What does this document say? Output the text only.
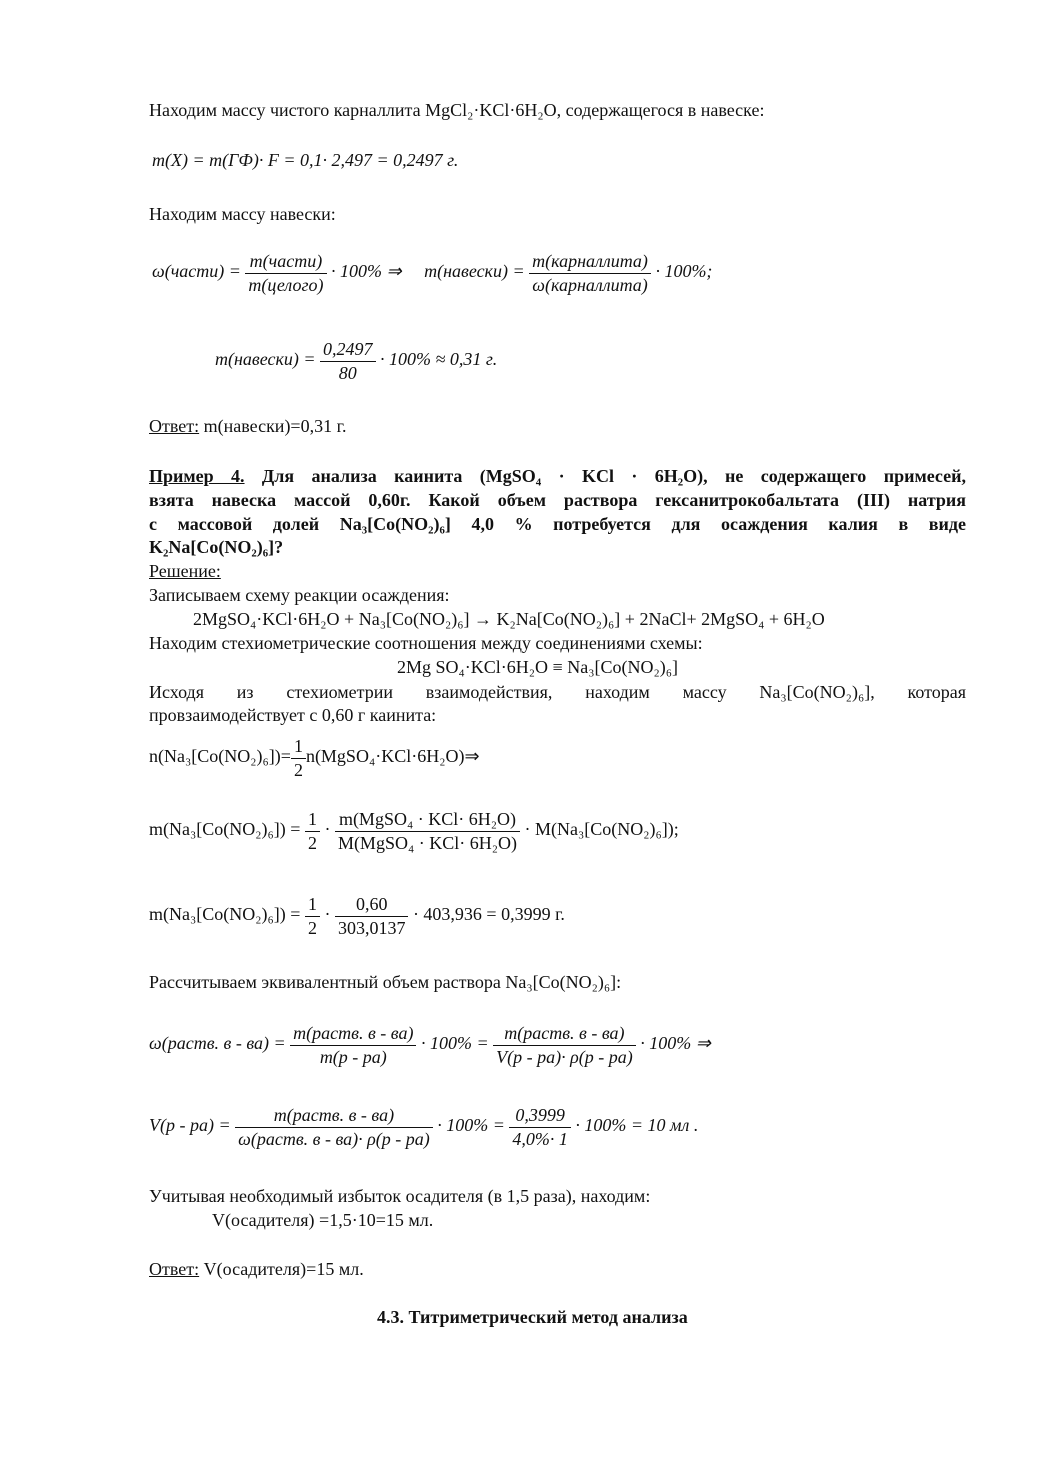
Находим массу чистого карналлита MgCl₂·KCl·6H₂O, содержащегося в навеске:
m(X) = m(ГФ)· F = 0,1· 2,497 = 0,2497 г.
Находим массу навески:
ω(части) = $\frac{\text{m(части)}}{\text{m(целого)}} \cdot 100\%$ ⇒ m(навески) = $\frac{\text{m(карналлита)}}{\text{ω(карналлита)}} \cdot 100\%$;
m(навески) = $\frac{0,2497}{80} \cdot 100\% \approx 0,31$ г.
Ответ: m(навески)=0,31 г.
Пример 4. Для анализа каинита (MgSO₄ · KCl · 6H₂O), не содержащего примесей,
взята навеска массой 0,60г. Какой объем раствора гексанитрокобальтата (III) натрия
с массовой долей Na₃[Co(NO₂)₆] 4,0 % потребуется для осаждения калия в виде
K₂Na[Co(NO₂)₆]?
Решение:
Записываем схему реакции осаждения:
2MgSO₄·KCl·6H₂O + Na₃[Co(NO₂)₆] → K₂Na[Co(NO₂)₆] + 2NaCl+ 2MgSO₄ + 6H₂O
Находим стехиометрические соотношения между соединениями схемы:
2Mg SO₄·KCl·6H₂O ≡ Na₃[Co(NO₂)₆]
Исходя из стехиометрии взаимодействия, находим массу Na₃[Co(NO₂)₆], которая
провзаимодействует с 0,60 г каинита:
$n(Na_3[Co(NO_2)_6])= \frac{1}{2}$ n(MgSO₄·KCl·6H₂O)⇒
$m(Na_3[Co(NO_2)_6]) = \frac{1}{2} \cdot \frac{\text{m(MgSO₄ · KCl· 6H₂O)}}{\text{M(MgSO₄ · KCl· 6H₂O)}} \cdot M(Na_3[Co(NO_2)_6])$;
$m(Na_3[Co(NO_2)_6]) = \frac{1}{2} \cdot \frac{0,60}{303,0137} \cdot 403,936 = 0,3999$ г.
Рассчитываем эквивалентный объем раствора Na₃[Co(NO₂)₆]:
ω(раств. $в - ва) = \frac{\text{m(раств. в - ва)}}{m(р - ра)} \cdot 100\% = \frac{\text{m(раств. в - ва)}}{V(р - ра)\cdot \rho(р - ра)} \cdot 100\%$ ⇒
$V(р - ра) = \frac{\text{m(раств. в - ва)}}{\text{ω(раств. в - ва)· ρ(р - ра)}} \cdot 100\% = \frac{0,3999}{4,0\%\cdot 1} \cdot 100\% = 10$ мл .
Учитывая необходимый избыток осадителя (в 1,5 раза), находим:
V(осадителя) =1,5·10=15 мл.
Ответ: V(осадителя)=15 мл.
4.3. Титриметрический метод анализа
